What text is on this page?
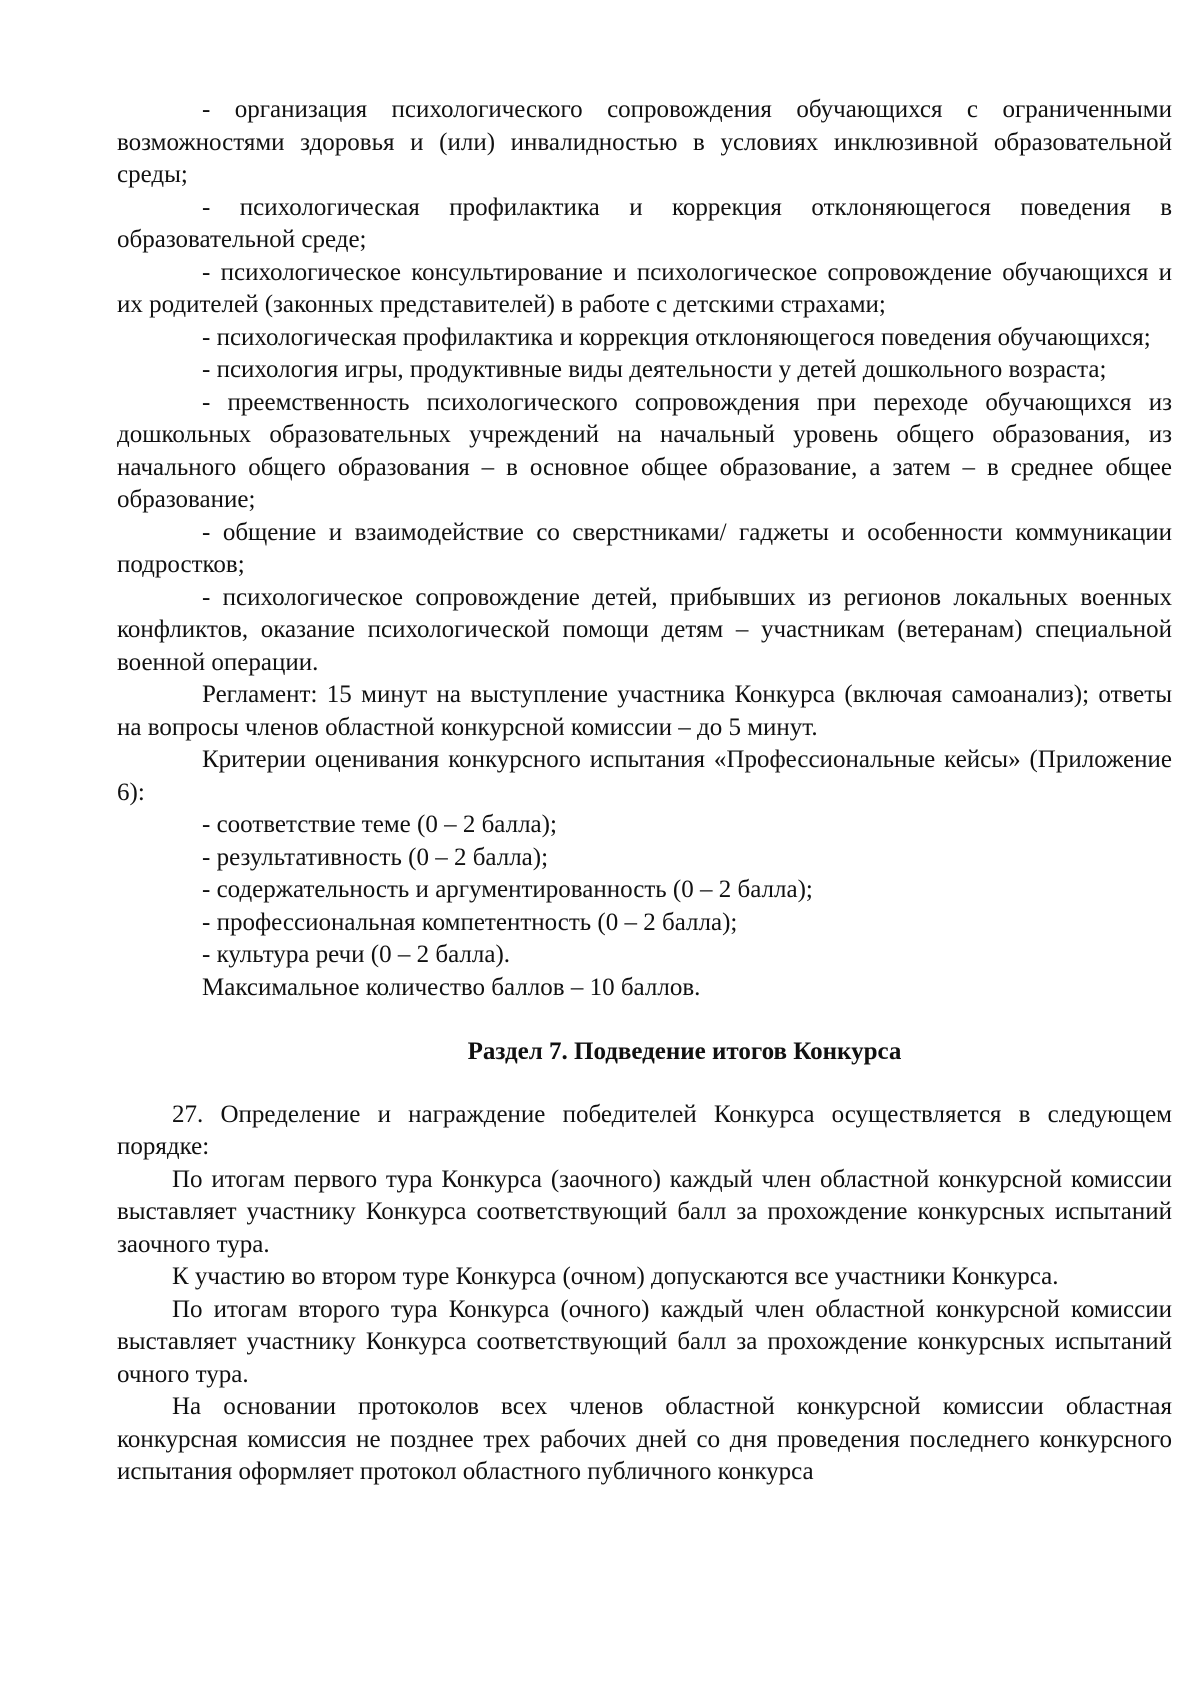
- организация психологического сопровождения обучающихся с ограниченными возможностями здоровья и (или) инвалидностью в условиях инклюзивной образовательной среды;

- психологическая профилактика и коррекция отклоняющегося поведения в образовательной среде;

- психологическое консультирование и психологическое сопровождение обучающихся и их родителей (законных представителей) в работе с детскими страхами;

- психологическая профилактика и коррекция отклоняющегося поведения обучающихся;

- психология игры, продуктивные виды деятельности у детей дошкольного возраста;

- преемственность психологического сопровождения при переходе обучающихся из дошкольных образовательных учреждений на начальный уровень общего образования, из начального общего образования – в основное общее образование, а затем – в среднее общее образование;

- общение и взаимодействие со сверстниками/ гаджеты и особенности коммуникации подростков;

- психологическое сопровождение детей, прибывших из регионов локальных военных конфликтов, оказание психологической помощи детям – участникам (ветеранам) специальной военной операции.

Регламент: 15 минут на выступление участника Конкурса (включая самоанализ); ответы на вопросы членов областной конкурсной комиссии – до 5 минут.

Критерии оценивания конкурсного испытания «Профессиональные кейсы» (Приложение 6):

- соответствие теме (0 – 2 балла);

- результативность (0 – 2 балла);

- содержательность и аргументированность (0 – 2 балла);

- профессиональная компетентность (0 – 2 балла);

- культура речи (0 – 2 балла).

Максимальное количество баллов – 10 баллов.

Раздел 7. Подведение итогов Конкурса

27. Определение и награждение победителей Конкурса осуществляется в следующем порядке:

По итогам первого тура Конкурса (заочного) каждый член областной конкурсной комиссии выставляет участнику Конкурса соответствующий балл за прохождение конкурсных испытаний заочного тура.

К участию во втором туре Конкурса (очном) допускаются все участники Конкурса.

По итогам второго тура Конкурса (очного) каждый член областной конкурсной комиссии выставляет участнику Конкурса соответствующий балл за прохождение конкурсных испытаний очного тура.

На основании протоколов всех членов областной конкурсной комиссии областная конкурсная комиссия не позднее трех рабочих дней со дня проведения последнего конкурсного испытания оформляет протокол областного публичного конкурса
